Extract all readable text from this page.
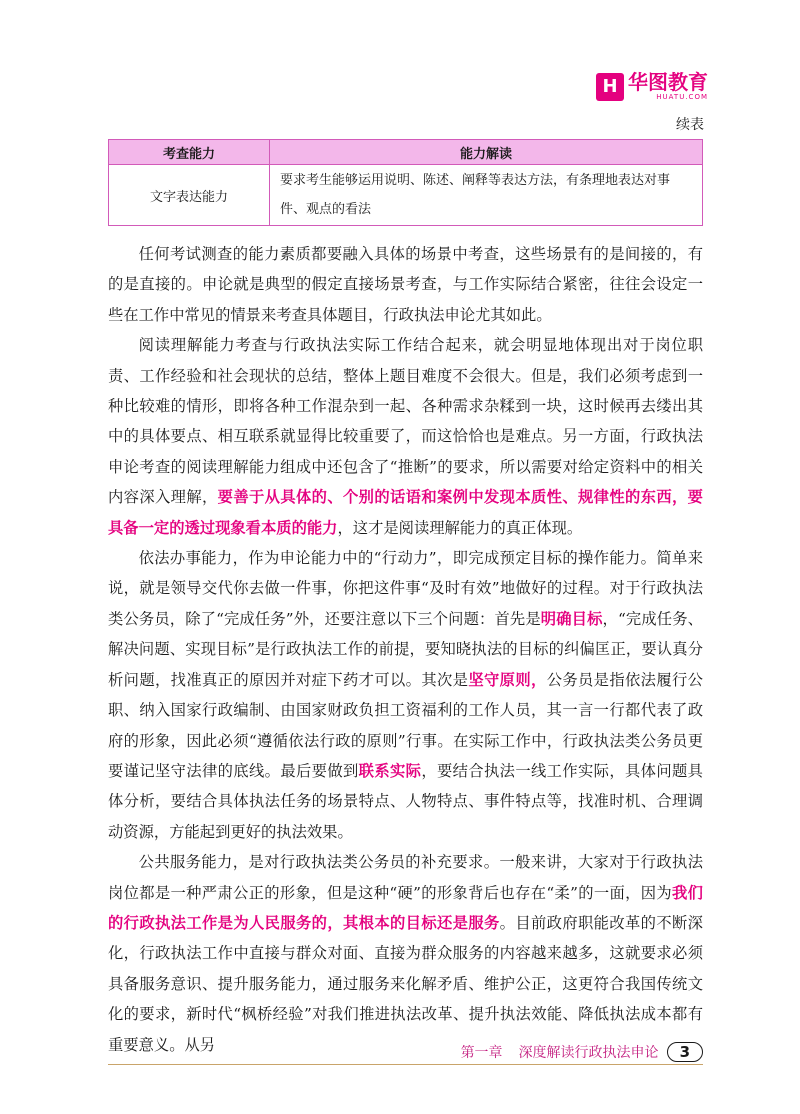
H 华图教育
HUATU.COM
续表
考查能力	能力解读
文字表达能力	要求考生能够运用说明、陈述、阐释等表达方法，有条理地表达对事件、观点的看法

任何考试测查的能力素质都要融入具体的场景中考查，这些场景有的是间接的，有的是直接的。申论就是典型的假定直接场景考查，与工作实际结合紧密，往往会设定一些在工作中常见的情景来考查具体题目，行政执法申论尤其如此。

阅读理解能力考查与行政执法实际工作结合起来，就会明显地体现出对于岗位职责、工作经验和社会现状的总结，整体上题目难度不会很大。但是，我们必须考虑到一种比较难的情形，即将各种工作混杂到一起、各种需求杂糅到一块，这时候再去缕出其中的具体要点、相互联系就显得比较重要了，而这恰恰也是难点。另一方面，行政执法申论考查的阅读理解能力组成中还包含了“推断”的要求，所以需要对给定资料中的相关内容深入理解，要善于从具体的、个别的话语和案例中发现本质性、规律性的东西，要具备一定的透过现象看本质的能力，这才是阅读理解能力的真正体现。

依法办事能力，作为申论能力中的“行动力”，即完成预定目标的操作能力。简单来说，就是领导交代你去做一件事，你把这件事“及时有效”地做好的过程。对于行政执法类公务员，除了“完成任务”外，还要注意以下三个问题：首先是明确目标，“完成任务、解决问题、实现目标”是行政执法工作的前提，要知晓执法的目标的纠偏匡正，要认真分析问题，找准真正的原因并对症下药才可以。其次是坚守原则，公务员是指依法履行公职、纳入国家行政编制、由国家财政负担工资福利的工作人员，其一言一行都代表了政府的形象，因此必须“遵循依法行政的原则”行事。在实际工作中，行政执法类公务员更要谨记坚守法律的底线。最后要做到联系实际，要结合执法一线工作实际，具体问题具体分析，要结合具体执法任务的场景特点、人物特点、事件特点等，找准时机、合理调动资源，方能起到更好的执法效果。

公共服务能力，是对行政执法类公务员的补充要求。一般来讲，大家对于行政执法岗位都是一种严肃公正的形象，但是这种“硬”的形象背后也存在“柔”的一面，因为我们的行政执法工作是为人民服务的，其根本的目标还是服务。目前政府职能改革的不断深化，行政执法工作中直接与群众对面、直接为群众服务的内容越来越多，这就要求必须具备服务意识、提升服务能力，通过服务来化解矛盾、维护公正，这更符合我国传统文化的要求，新时代“枫桥经验”对我们推进执法改革、提升执法效能、降低执法成本都有重要意义。从另	第一章 深度解读行政执法申论	3
